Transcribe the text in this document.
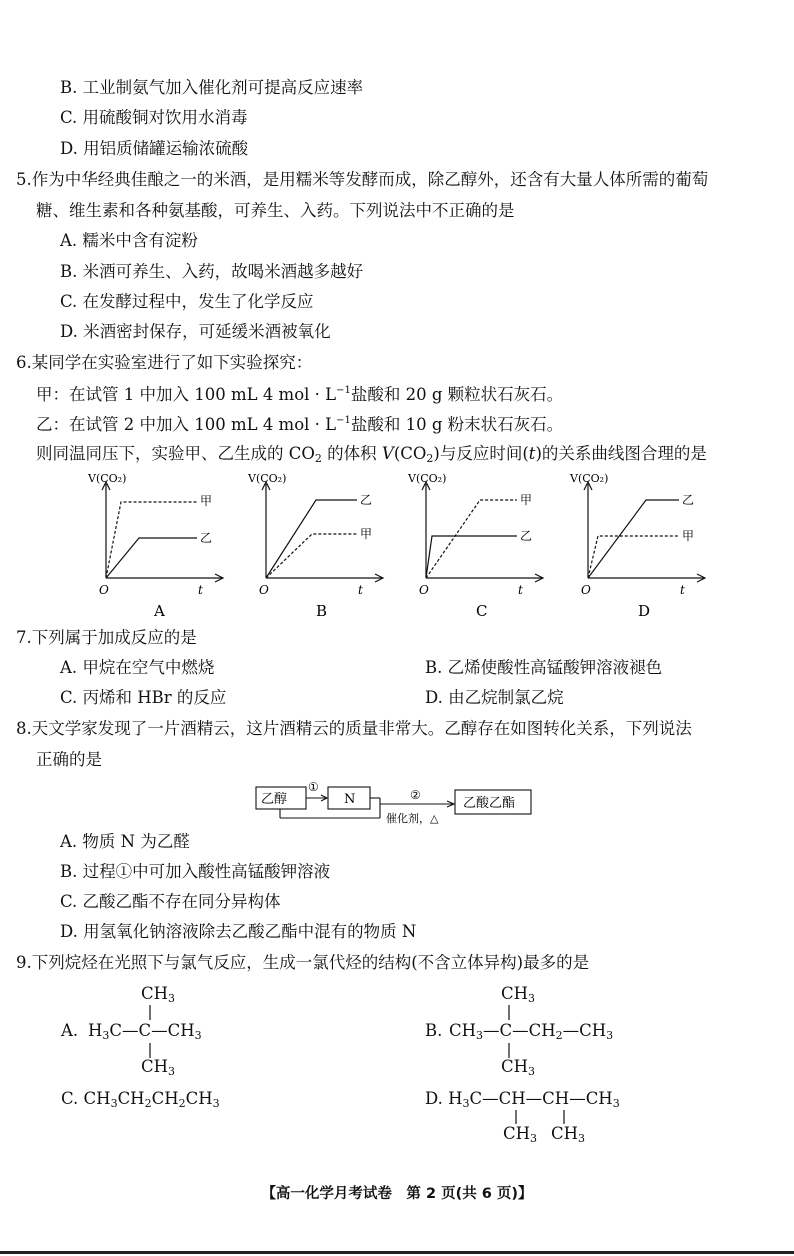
B. 工业制氨气加入催化剂可提高反应速率
C. 用硫酸铜对饮用水消毒
D. 用铝质储罐运输浓硫酸
5.作为中华经典佳酿之一的米酒，是用糯米等发酵而成，除乙醇外，还含有大量人体所需的葡萄
糖、维生素和各种氨基酸，可养生、入药。下列说法中不正确的是
A. 糯米中含有淀粉
B. 米酒可养生、入药，故喝米酒越多越好
C. 在发酵过程中，发生了化学反应
D. 米酒密封保存，可延缓米酒被氧化
6.某同学在实验室进行了如下实验探究：
甲：在试管 1 中加入 100 mL 4 mol · $L^{-1}$盐酸和 20 g 颗粒状石灰石。
乙：在试管 2 中加入 100 mL 4 mol · $L^{-1}$盐酸和 10 g 粉末状石灰石。
则同温同压下，实验甲、乙生成的 $CO_2$ 的体积 $V(CO_2)$与反应时间(t)的关系曲线图合理的是
V(CO₂)
甲
乙
O	t
A
V(CO₂)
乙
甲
O	t
B
V(CO₂)
甲
乙
O	t
C
V(CO₂)
乙
甲
O	t
D
7.下列属于加成反应的是
A. 甲烷在空气中燃烧	B. 乙烯使酸性高锰酸钾溶液褪色
C. 丙烯和 HBr 的反应	D. 由乙烷制氯乙烷
8.天文学家发现了一片酒精云，这片酒精云的质量非常大。乙醇存在如图转化关系，下列说法
正确的是
乙醇	N	乙酸乙酯
①
②
催化剂，△
A. 物质 N 为乙醛
B. 过程①中可加入酸性高锰酸钾溶液
C. 乙酸乙酯不存在同分异构体
D. 用氢氧化钠溶液除去乙酸乙酯中混有的物质 N
9.下列烷烃在光照下与氯气反应，生成一氯代烃的结构(不含立体异构)最多的是
A.
$CH_3$
$H_3C—C—CH_3$
$CH_3$
B.
$CH_3$
$CH_3—C—CH_2—CH_3$
$CH_3$
C. $CH_3CH_2CH_2CH_3$	D. $H_3C—CH—CH—CH_3$
$CH_3$ $CH_3$
【高一化学月考试卷　第 2 页(共 6 页)】
